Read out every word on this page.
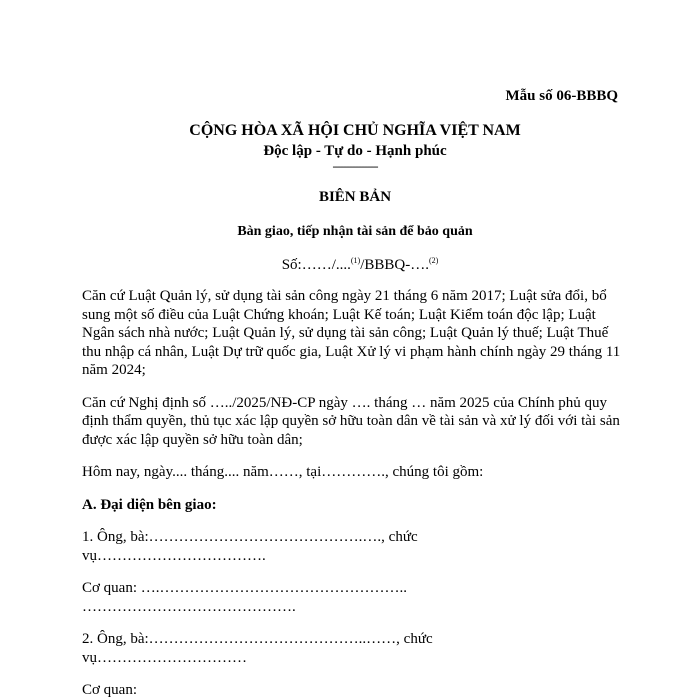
Mẫu số 06-BBBQ
CỘNG HÒA XÃ HỘI CHỦ NGHĨA VIỆT NAM
Độc lập - Tự do - Hạnh phúc
---------------
BIÊN BẢN
Bàn giao, tiếp nhận tài sản để bảo quản
Số:……/....$^{(1)}$/BBBQ-….$^{(2)}$

Căn cứ Luật Quản lý, sử dụng tài sản công ngày 21 tháng 6 năm 2017; Luật sửa đổi, bổ sung một số điều của Luật Chứng khoán; Luật Kế toán; Luật Kiểm toán độc lập; Luật Ngân sách nhà nước; Luật Quản lý, sử dụng tài sản công; Luật Quản lý thuế; Luật Thuế thu nhập cá nhân, Luật Dự trữ quốc gia, Luật Xử lý vi phạm hành chính ngày 29 tháng 11 năm 2024;

Căn cứ Nghị định số …../2025/NĐ-CP ngày …. tháng … năm 2025 của Chính phủ quy định thẩm quyền, thủ tục xác lập quyền sở hữu toàn dân về tài sản và xử lý đối với tài sản được xác lập quyền sở hữu toàn dân;

Hôm nay, ngày.... tháng.... năm……, tại…………., chúng tôi gồm:

A. Đại diện bên giao:

1. Ông, bà:…………………………………….…., chức

vụ…………………………….

Cơ quan: ….…………………………………………..

…………………………………….

2. Ông, bà:……………………………………..……, chức

vụ…………………………

Cơ quan:
